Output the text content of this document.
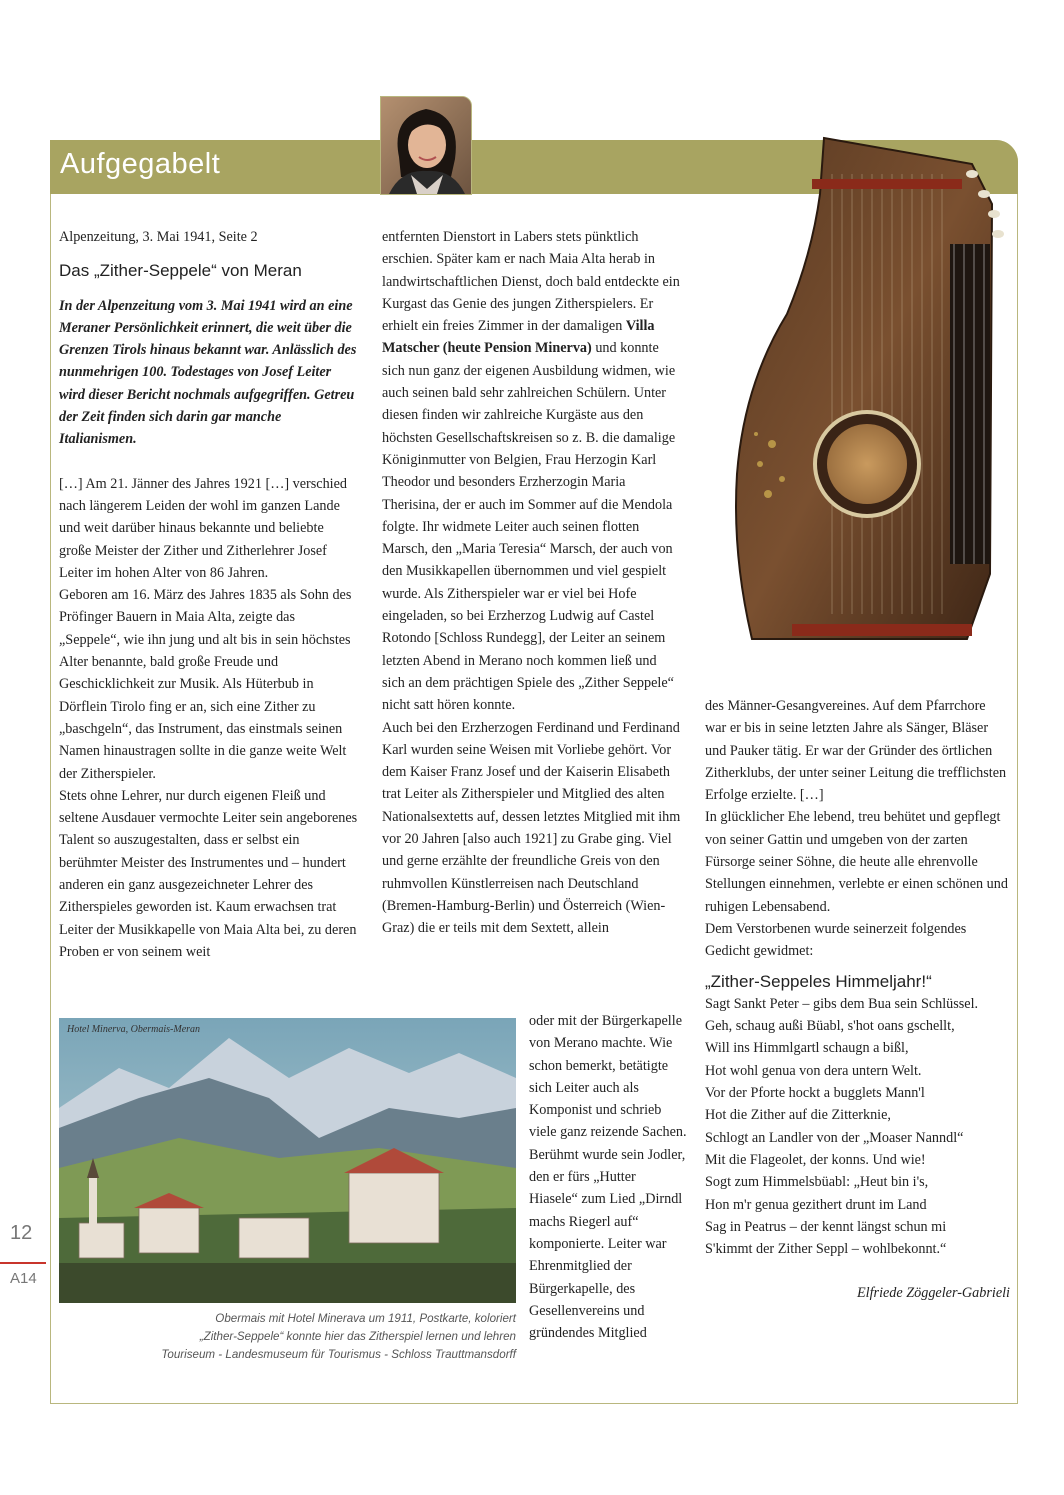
Aufgegabelt

Alpenzeitung, 3. Mai 1941, Seite 2

Das „Zither-Seppele“ von Meran

In der Alpenzeitung vom 3. Mai 1941 wird an eine Meraner Persönlichkeit erinnert, die weit über die Grenzen Tirols hinaus bekannt war. Anlässlich des nunmehrigen 100. Todestages von Josef Leiter wird dieser Bericht nochmals aufgegriffen. Getreu der Zeit finden sich darin gar manche Italianismen.

[…] Am 21. Jänner des Jahres 1921 […] verschied nach längerem Leiden der wohl im ganzen Lande und weit darüber hinaus bekannte und beliebte große Meister der Zither und Zitherlehrer Josef Leiter im hohen Alter von 86 Jahren.

Geboren am 16. März des Jahres 1835 als Sohn des Pröfinger Bauern in Maia Alta, zeigte das „Seppele“, wie ihn jung und alt bis in sein höchstes Alter benannte, bald große Freude und Geschicklichkeit zur Musik. Als Hüterbub in Dörflein Tirolo fing er an, sich eine Zither zu „baschgeln“, das Instrument, das einstmals seinen Namen hinaustragen sollte in die ganze weite Welt der Zitherspieler.

Stets ohne Lehrer, nur durch eigenen Fleiß und seltene Ausdauer vermochte Leiter sein angeborenes Talent so auszugestalten, dass er selbst ein berühmter Meister des Instrumentes und – hundert anderen ein ganz ausgezeichneter Lehrer des Zitherspieles geworden ist. Kaum erwachsen trat Leiter der Musikkapelle von Maia Alta bei, zu deren Proben er von seinem weit

entfernten Dienstort in Labers stets pünktlich erschien. Später kam er nach Maia Alta herab in landwirtschaftlichen Dienst, doch bald entdeckte ein Kurgast das Genie des jungen Zitherspielers. Er erhielt ein freies Zimmer in der damaligen Villa Matscher (heute Pension Minerva) und konnte sich nun ganz der eigenen Ausbildung widmen, wie auch seinen bald sehr zahlreichen Schülern. Unter diesen finden wir zahlreiche Kurgäste aus den höchsten Gesellschaftskreisen so z. B. die damalige Königinmutter von Belgien, Frau Herzogin Karl Theodor und besonders Erzherzogin Maria Therisina, der er auch im Sommer auf die Mendola folgte. Ihr widmete Leiter auch seinen flotten Marsch, den „Maria Teresia“ Marsch, der auch von den Musikkapellen übernommen und viel gespielt wurde. Als Zitherspieler war er viel bei Hofe eingeladen, so bei Erzherzog Ludwig auf Castel Rotondo [Schloss Rundegg], der Leiter an seinem letzten Abend in Merano noch kommen ließ und sich an dem prächtigen Spiele des „Zither Seppele“ nicht satt hören konnte.

Auch bei den Erzherzogen Ferdinand und Ferdinand Karl wurden seine Weisen mit Vorliebe gehört. Vor dem Kaiser Franz Josef und der Kaiserin Elisabeth trat Leiter als Zitherspieler und Mitglied des alten Nationalsextetts auf, dessen letztes Mitglied mit ihm vor 20 Jahren [also auch 1921] zu Grabe ging. Viel und gerne erzählte der freundliche Greis von den ruhmvollen Künstlerreisen nach Deutschland (Bremen-Hamburg-Berlin) und Österreich (Wien-Graz) die er teils mit dem Sextett, allein

oder mit der Bürgerkapelle von Merano machte. Wie schon bemerkt, betätigte sich Leiter auch als Komponist und schrieb viele ganz reizende Sachen. Berühmt wurde sein Jodler, den er fürs „Hutter Hiasele“ zum Lied „Dirndl machs Riegerl auf“ komponierte. Leiter war Ehrenmitglied der Bürgerkapelle, des Gesellenvereins und gründendes Mitglied

Hotel Minerva, Obermais-Meran
Obermais mit Hotel Minerava um 1911, Postkarte, koloriert
„Zither-Seppele“ konnte hier das Zitherspiel lernen und lehren
Touriseum - Landesmuseum für Tourismus - Schloss Trauttmansdorff

des Männer-Gesangvereines. Auf dem Pfarrchore war er bis in seine letzten Jahre als Sänger, Bläser und Pauker tätig. Er war der Gründer des örtlichen Zitherklubs, der unter seiner Leitung die trefflichsten Erfolge erzielte. […]

In glücklicher Ehe lebend, treu behütet und gepflegt von seiner Gattin und umgeben von der zarten Fürsorge seiner Söhne, die heute alle ehrenvolle Stellungen einnehmen, verlebte er einen schönen und ruhigen Lebensabend.

Dem Verstorbenen wurde seinerzeit folgendes Gedicht gewidmet:

„Zither-Seppeles Himmeljahr!“

Sagt Sankt Peter – gibs dem Bua sein Schlüssel.

Geh, schaug außi Büabl, s'hot oans gschellt,

Will ins Himmlgartl schaugn a bißl,

Hot wohl genua von dera untern Welt.

Vor der Pforte hockt a bugglets Mann'l

Hot die Zither auf die Zitterknie,

Schlogt an Landler von der „Moaser Nanndl“

Mit die Flageolet, der konns. Und wie!

Sogt zum Himmelsbüabl: „Heut bin i's,

Hon m'r genua gezithert drunt im Land

Sag in Peatrus – der kennt längst schun mi

S'kimmt der Zither Seppl – wohlbekonnt.“

Elfriede Zöggeler-Gabrieli

12
A14
